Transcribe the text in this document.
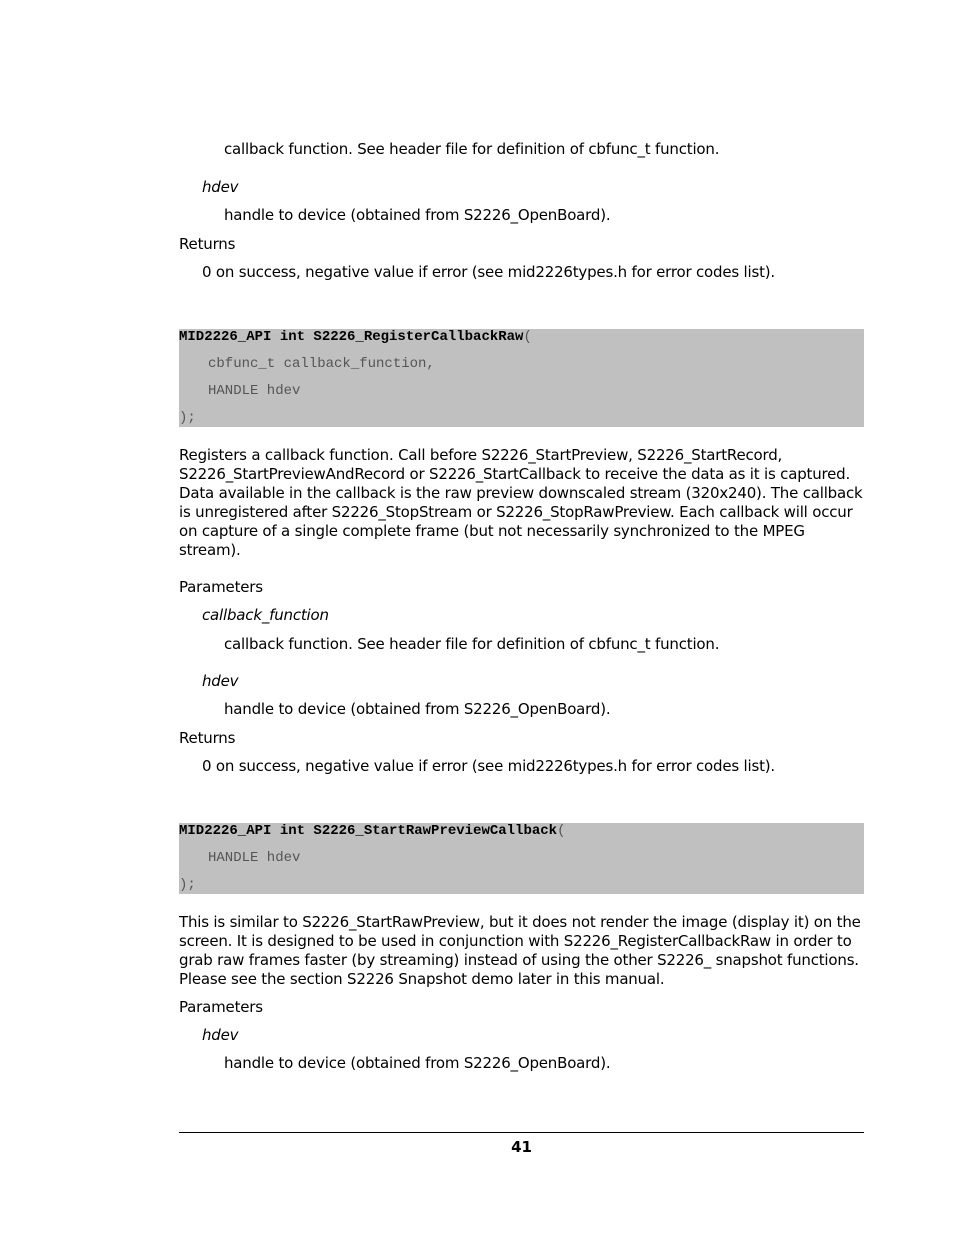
callback function. See header file for definition of cbfunc_t function.
hdev
handle to device (obtained from S2226_OpenBoard).
Returns
0 on success, negative value if error (see mid2226types.h for error codes list).
MID2226_API int S2226_RegisterCallbackRaw(
cbfunc_t callback_function,
HANDLE hdev
);
Registers a callback function. Call before S2226_StartPreview, S2226_StartRecord, S2226_StartPreviewAndRecord or S2226_StartCallback to receive the data as it is captured. Data available in the callback is the raw preview downscaled stream (320x240). The callback is unregistered after S2226_StopStream or S2226_StopRawPreview. Each callback will occur on capture of a single complete frame (but not necessarily synchronized to the MPEG stream).
Parameters
callback_function
callback function. See header file for definition of cbfunc_t function.
hdev
handle to device (obtained from S2226_OpenBoard).
Returns
0 on success, negative value if error (see mid2226types.h for error codes list).
MID2226_API int S2226_StartRawPreviewCallback(
HANDLE hdev
);
This is similar to S2226_StartRawPreview, but it does not render the image (display it) on the screen. It is designed to be used in conjunction with S2226_RegisterCallbackRaw in order to grab raw frames faster (by streaming) instead of using the other S2226_ snapshot functions. Please see the section S2226 Snapshot demo later in this manual.
Parameters
hdev
handle to device (obtained from S2226_OpenBoard).
41
